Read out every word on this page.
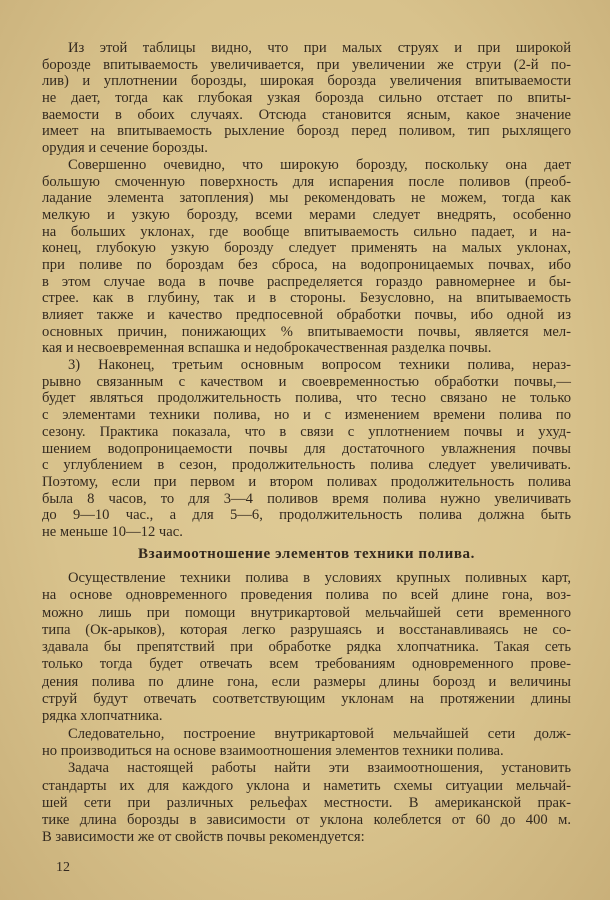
Из этой таблицы видно, что при малых струях и при широкой
борозде впитываемость увеличивается, при увеличении же струи (2-й по-
лив) и уплотнении борозды, широкая борозда увеличения впитываемости
не дает, тогда как глубокая узкая борозда сильно отстает по впиты-
ваемости в обоих случаях. Отсюда становится ясным, какое значение
имеет на впитываемость рыхление борозд перед поливом, тип рыхлящего
орудия и сечение борозды.
Совершенно очевидно, что широкую борозду, поскольку она дает
большую смоченную поверхность для испарения после поливов (преоб-
ладание элемента затопления) мы рекомендовать не можем, тогда как
мелкую и узкую борозду, всеми мерами следует внедрять, особенно
на больших уклонах, где вообще впитываемость сильно падает, и на-
конец, глубокую узкую борозду следует применять на малых уклонах,
при поливе по бороздам без сброса, на водопроницаемых почвах, ибо
в этом случае вода в почве распределяется гораздо равномернее и бы-
стрее. как в глубину, так и в стороны. Безусловно, на впитываемость
влияет также и качество предпосевной обработки почвы, ибо одной из
основных причин, понижающих % впитываемости почвы, является мел-
кая и несвоевременная вспашка и недоброкачественная разделка почвы.
3) Наконец, третьим основным вопросом техники полива, нераз-
рывно связанным с качеством и своевременностью обработки почвы,—
будет являться продолжительность полива, что тесно связано не только
с элементами техники полива, но и с изменением времени полива по
сезону. Практика показала, что в связи с уплотнением почвы и ухуд-
шением водопроницаемости почвы для достаточного увлажнения почвы
с углублением в сезон, продолжительность полива следует увеличивать.
Поэтому, если при первом и втором поливах продолжительность полива
была 8 часов, то для 3—4 поливов время полива нужно увеличивать
до 9—10 час., а для 5—6, продолжительность полива должна быть
не меньше 10—12 час.
Взаимоотношение элементов техники полива.
Осуществление техники полива в условиях крупных поливных карт,
на основе одновременного проведения полива по всей длине гона, воз-
можно лишь при помощи внутрикартовой мельчайшей сети временного
типа (Ок-арыков), которая легко разрушаясь и восстанавливаясь не со-
здавала бы препятствий при обработке рядка хлопчатника. Такая сеть
только тогда будет отвечать всем требованиям одновременного прове-
дения полива по длине гона, если размеры длины борозд и величины
струй будут отвечать соответствующим уклонам на протяжении длины
рядка хлопчатника.
Следовательно, построение внутрикартовой мельчайшей сети долж-
но производиться на основе взаимоотношения элементов техники полива.
Задача настоящей работы найти эти взаимоотношения, установить
стандарты их для каждого уклона и наметить схемы ситуации мельчай-
шей сети при различных рельефах местности. В американской прак-
тике длина борозды в зависимости от уклона колеблется от 60 до 400 м.
В зависимости же от свойств почвы рекомендуется:
12
